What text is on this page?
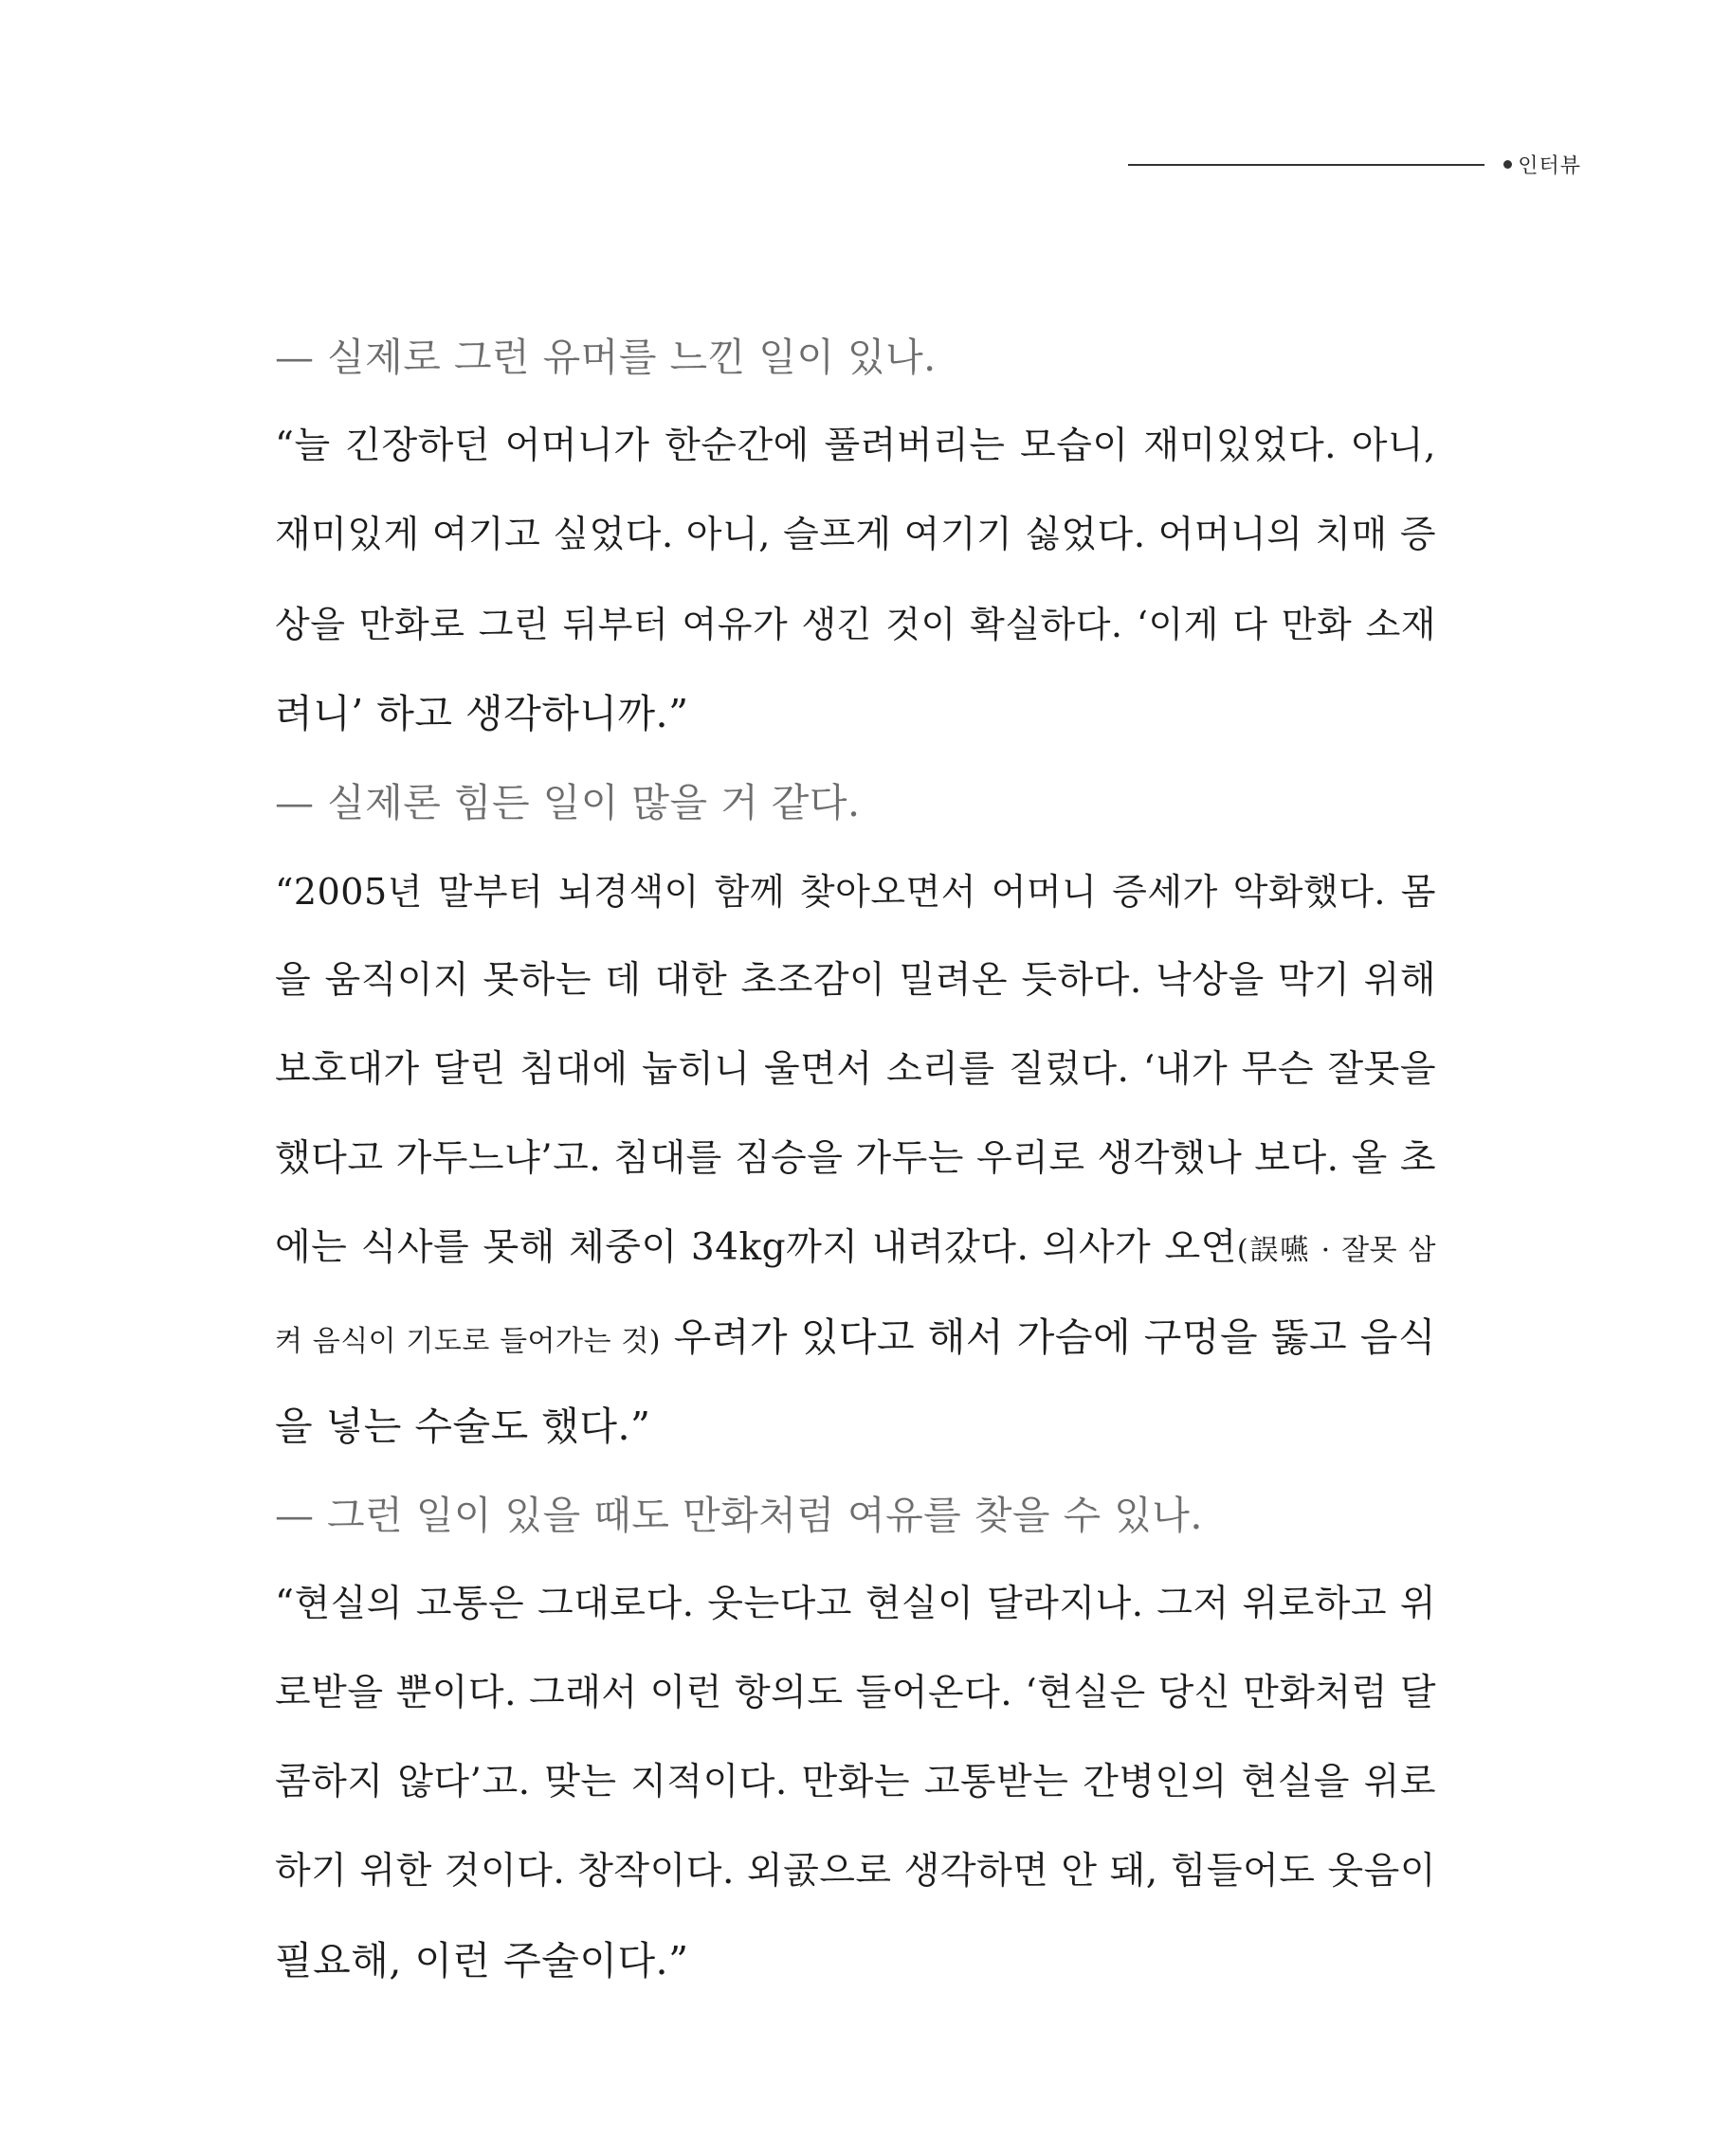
인터뷰
— 실제로 그런 유머를 느낀 일이 있나.
“늘 긴장하던 어머니가 한순간에 풀려버리는 모습이 재미있었다. 아니,
재미있게 여기고 싶었다. 아니, 슬프게 여기기 싫었다. 어머니의 치매 증
상을 만화로 그린 뒤부터 여유가 생긴 것이 확실하다. ‘이게 다 만화 소재
려니’ 하고 생각하니까.”
— 실제론 힘든 일이 많을 거 같다.
“2005년 말부터 뇌경색이 함께 찾아오면서 어머니 증세가 악화했다. 몸
을 움직이지 못하는 데 대한 초조감이 밀려온 듯하다. 낙상을 막기 위해
보호대가 달린 침대에 눕히니 울면서 소리를 질렀다. ‘내가 무슨 잘못을
했다고 가두느냐’고. 침대를 짐승을 가두는 우리로 생각했나 보다. 올 초
에는 식사를 못해 체중이 34kg까지 내려갔다. 의사가 오연(誤嚥 · 잘못 삼
켜 음식이 기도로 들어가는 것) 우려가 있다고 해서 가슴에 구멍을 뚫고 음식
을 넣는 수술도 했다.”
— 그런 일이 있을 때도 만화처럼 여유를 찾을 수 있나.
“현실의 고통은 그대로다. 웃는다고 현실이 달라지나. 그저 위로하고 위
로받을 뿐이다. 그래서 이런 항의도 들어온다. ‘현실은 당신 만화처럼 달
콤하지 않다’고. 맞는 지적이다. 만화는 고통받는 간병인의 현실을 위로
하기 위한 것이다. 창작이다. 외곬으로 생각하면 안 돼, 힘들어도 웃음이
필요해, 이런 주술이다.”
